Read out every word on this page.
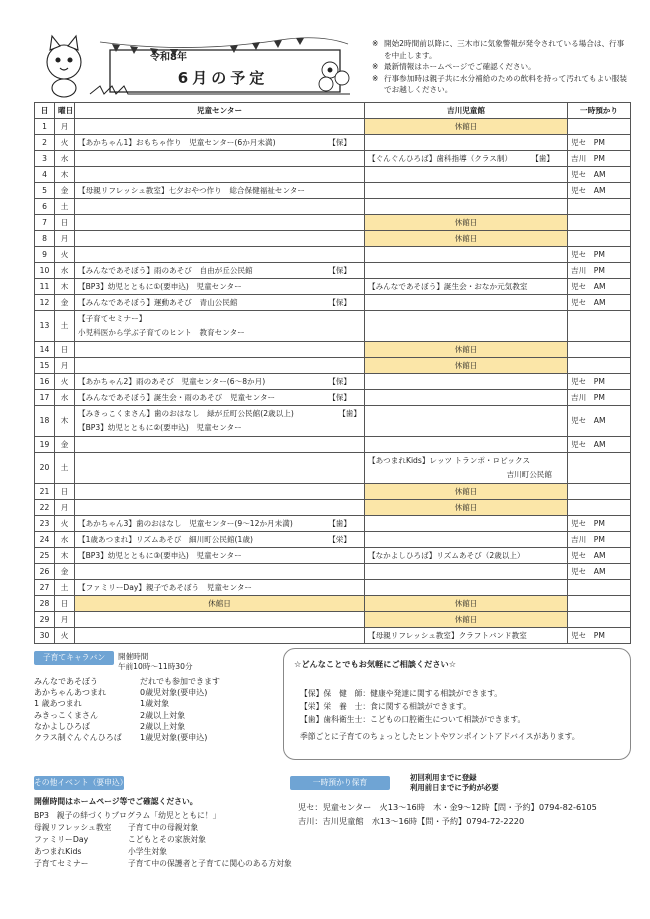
令和8年
6月の予定
※ 開始2時間前以降に、三木市に気象警報が発令されている場合は、行事を中止します。
※ 最新情報はホームページでご確認ください。
※ 行事参加時は親子共に水分補給のための飲料を持って汚れてもよい服装でお越しください。
日	曜日	児童センター	吉川児童館	一時預かり
1	月		休館日	
2	火	【あかちゃん1】おもちゃ作り　児童センター(6か月未満) 【保】		児セ　PM
3	水		【ぐんぐんひろば】歯科指導（クラス制） 【歯】	吉川　PM
4	木			児セ　AM
5	金	【母親リフレッシュ教室】七夕おやつ作り　総合保健福祉センター		児セ　AM
6	土	

7	日		休館日	
8	月		休館日	
9	火			児セ　PM
10	水	【みんなであそぼう】雨のあそび　自由が丘公民館 【保】		吉川　PM
11	木	【BP3】幼児とともに①(要申込)　児童センター	【みんなであそぼう】誕生会・おなか元気教室	児セ　AM
12	金	【みんなであそぼう】運動あそび　青山公民館 【保】		児セ　AM
13	土	【子育てセミナー】
小児科医から学ぶ子育てのヒント　教育センター		

14	日		休館日	
15	月		休館日	
16	火	【あかちゃん2】雨のあそび　児童センター(6～8か月) 【保】		児セ　PM
17	水	【みんなであそぼう】誕生会・雨のあそび　児童センター 【保】		吉川　PM
18	木	【みきっこくまさん】歯のおはなし　緑が丘町公民館(2歳以上) 【歯】
【BP3】幼児とともに②(要申込)　児童センター		児セ　AM
19	金			児セ　AM
20	土		【あつまれKids】レッツ トランポ・ロビックス
吉川町公民館	

21	日		休館日	
22	月		休館日	
23	火	【あかちゃん3】歯のおはなし　児童センター(9～12か月未満) 【歯】		児セ　PM
24	水	【1歳あつまれ】リズムあそび　細川町公民館(1歳) 【栄】		吉川　PM
25	木	【BP3】幼児とともに③(要申込)　児童センター	【なかよしひろば】リズムあそび（2歳以上）	児セ　AM
26	金			児セ　AM
27	土	【ファミリーDay】親子であそぼう　児童センター		

28	日	休館日	休館日	
29	月		休館日	
30	火		【母親リフレッシュ教室】クラフトバンド教室	児セ　PM
子育てキャラバン	開催時間
午前10時～11時30分
みんなであそぼう	だれでも参加できます
あかちゃんあつまれ	0歳児対象(要申込)
1 歳あつまれ	1歳対象
みきっこくまさん	2歳以上対象
なかよしひろば	2歳以上対象
クラス制ぐんぐんひろば	1歳児対象(要申込)
☆どんなことでもお気軽にご相談ください☆
【保】保　健　師：健康や発達に関する相談ができます。
【栄】栄　養　士：食に関する相談ができます。
【歯】歯科衛生士：こどもの口腔衛生について相談ができます。
季節ごとに子育てのちょっとしたヒントやワンポイントアドバイスがあります。
その他イベント（要申込）
開催時間はホームページ等でご確認ください。
BP3　親子の絆づくりプログラム「幼児とともに！」
母親リフレッシュ教室	子育て中の母親対象
ファミリーDay	こどもとその家族対象
あつまれKids	小学生対象
子育てセミナー	子育て中の保護者と子育てに関心のある方対象
一時預かり保育
初回利用までに登録
利用前日までに予約が必要
児セ：児童センター　火13～16時　木・金9～12時【問・予約】0794-82-6105
吉川：吉川児童館　水13～16時【問・予約】0794-72-2220
